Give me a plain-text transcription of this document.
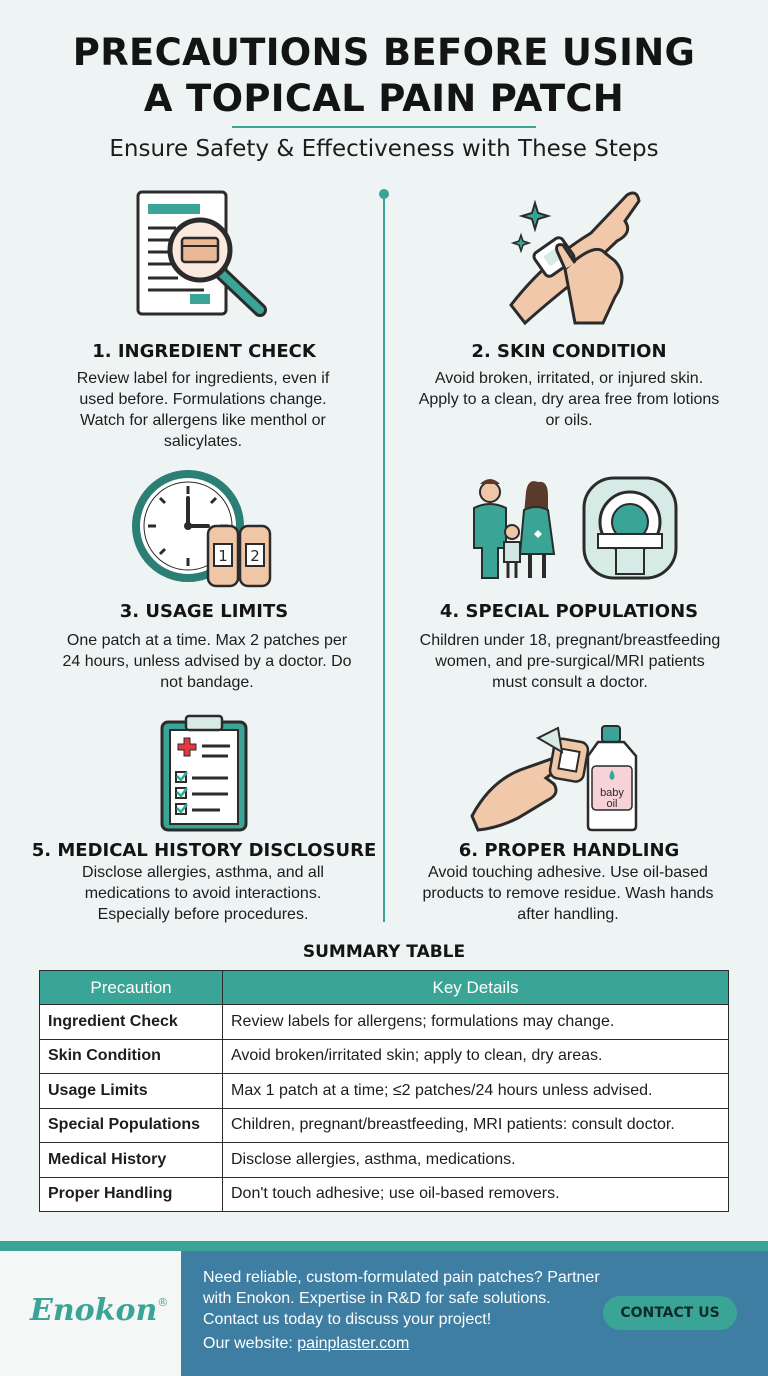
PRECAUTIONS BEFORE USING
A TOPICAL PAIN PATCH
Ensure Safety & Effectiveness with These Steps
1. INGREDIENT CHECK
Review label for ingredients, even if used before. Formulations change. Watch for allergens like menthol or salicylates.
2. SKIN CONDITION
Avoid broken, irritated, or injured skin. Apply to a clean, dry area free from lotions or oils.
1 2
3. USAGE LIMITS
One patch at a time. Max 2 patches per 24 hours, unless advised by a doctor. Do not bandage.
4. SPECIAL POPULATIONS
Children under 18, pregnant/breastfeeding women, and pre-surgical/MRI patients must consult a doctor.
5. MEDICAL HISTORY DISCLOSURE
Disclose allergies, asthma, and all medications to avoid interactions. Especially before procedures.
baby
oil
6. PROPER HANDLING
Avoid touching adhesive. Use oil-based products to remove residue. Wash hands after handling.
SUMMARY TABLE
Precaution	Key Details
Ingredient Check	Review labels for allergens; formulations may change.
Skin Condition	Avoid broken/irritated skin; apply to clean, dry areas.
Usage Limits	Max 1 patch at a time; ≤2 patches/24 hours unless advised.
Special Populations	Children, pregnant/breastfeeding, MRI patients: consult doctor.
Medical History	Disclose allergies, asthma, medications.
Proper Handling	Don't touch adhesive; use oil-based removers.
Enokon®
Need reliable, custom-formulated pain patches? Partner with Enokon. Expertise in R&D for safe solutions. Contact us today to discuss your project!
Our website: painplaster.com
CONTACT US
